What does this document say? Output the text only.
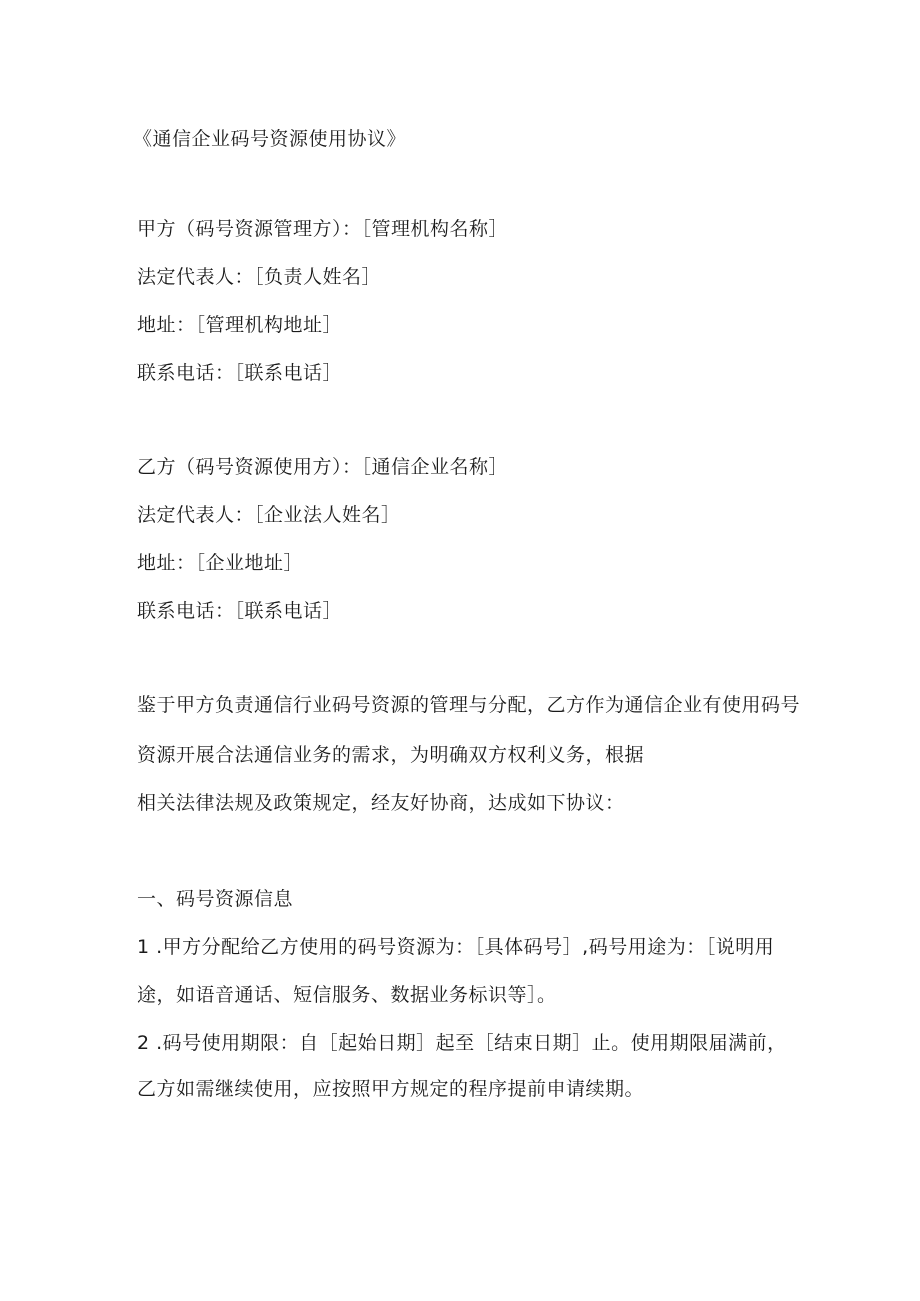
《通信企业码号资源使用协议》
甲方（码号资源管理方）：［管理机构名称］
法定代表人：［负责人姓名］
地址：［管理机构地址］
联系电话：［联系电话］
乙方（码号资源使用方）：［通信企业名称］
法定代表人：［企业法人姓名］
地址：［企业地址］
联系电话：［联系电话］
鉴于甲方负责通信行业码号资源的管理与分配，乙方作为通信企业有使用码号
资源开展合法通信业务的需求，为明确双方权利义务，根据
相关法律法规及政策规定，经友好协商，达成如下协议：
一、码号资源信息
1 .甲方分配给乙方使用的码号资源为：［具体码号］,码号用途为：［说明用
途，如语音通话、短信服务、数据业务标识等］。
2 .码号使用期限：自［起始日期］起至［结束日期］止。使用期限届满前，
乙方如需继续使用，应按照甲方规定的程序提前申请续期。
